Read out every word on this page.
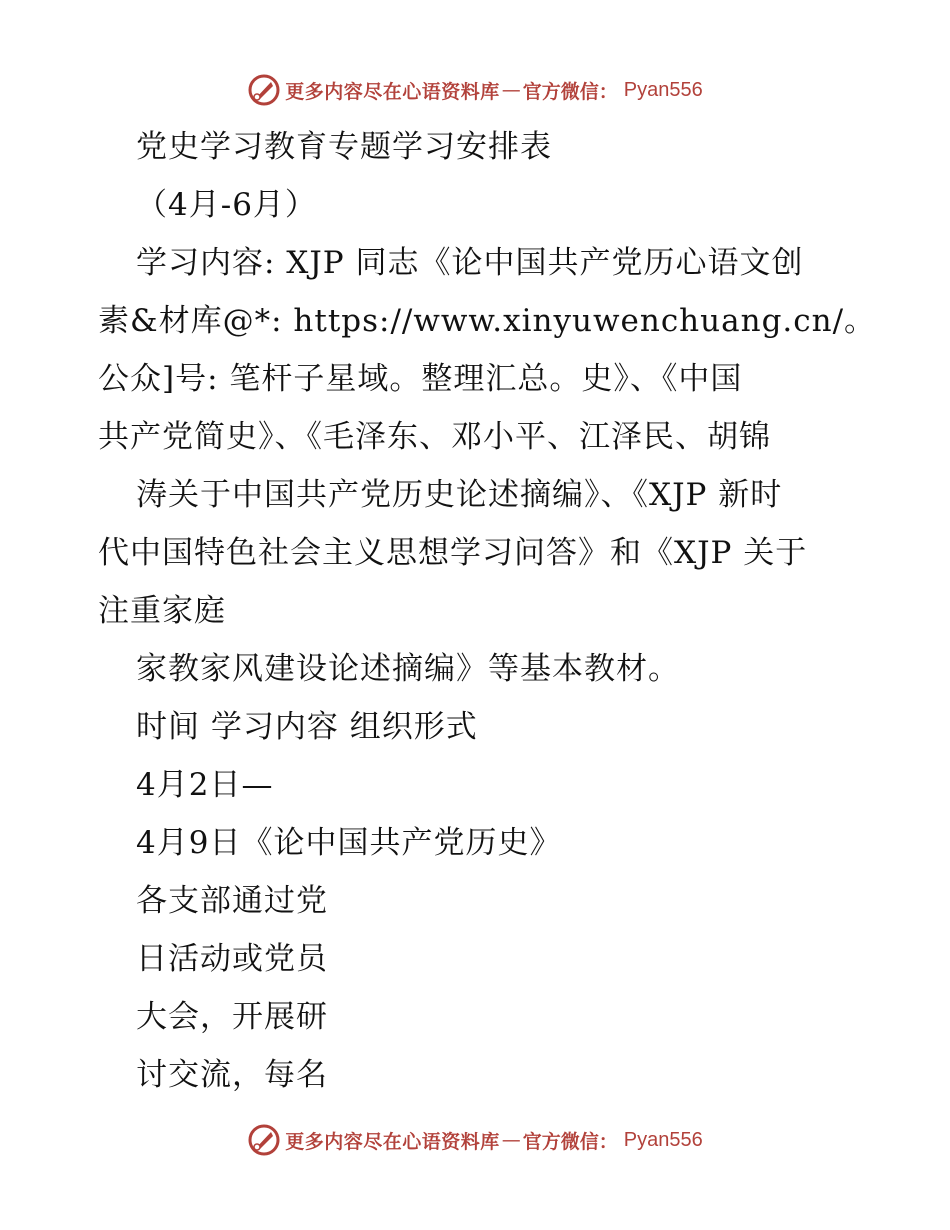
更多内容尽在心语资料库 — 官方微信： Pyan556
党史学习教育专题学习安排表
（4月-6月）
学习内容: XJP 同志《论中国共产党历心语文创
素&材库@*: https://www.xinyuwenchuang.cn/。
公众]号: 笔杆子星域。整理汇总。史》、《中国
共产党简史》、《毛泽东、邓小平、江泽民、胡锦
涛关于中国共产党历史论述摘编》、《XJP 新时
代中国特色社会主义思想学习问答》和《XJP 关于
注重家庭
家教家风建设论述摘编》等基本教材。
时间 学习内容 组织形式
4月2日—
4月9日《论中国共产党历史》
各支部通过党
日活动或党员
大会，开展研
讨交流，每名
更多内容尽在心语资料库 — 官方微信： Pyan556
